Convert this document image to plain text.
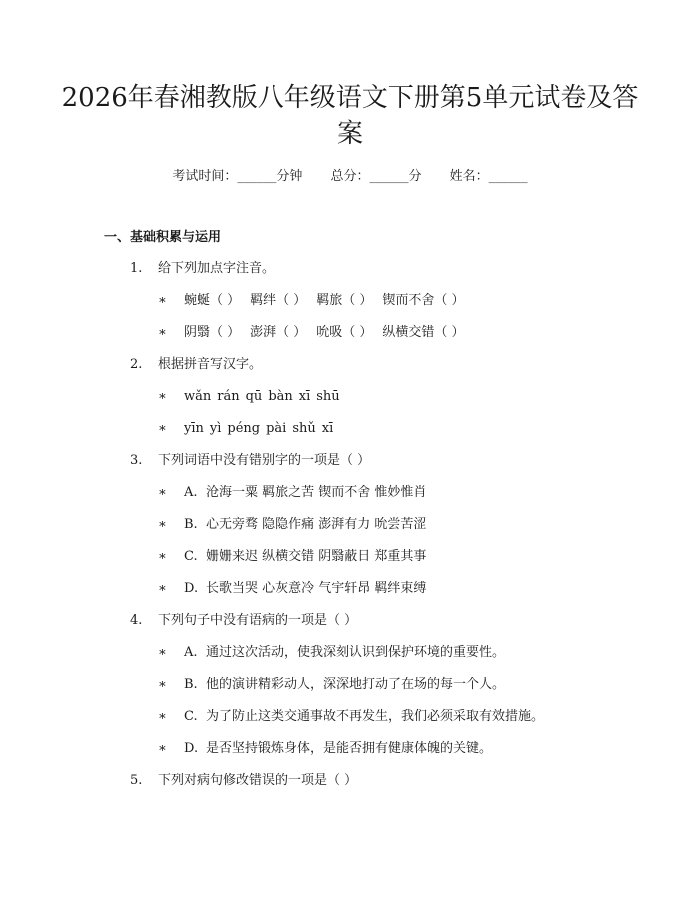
2026年春湘教版八年级语文下册第5单元试卷及答案
考试时间：______分钟 总分：______分 姓名：______
一、基础积累与运用
1. 给下列加点字注音。
∗ 蜿蜒（ ） 羁绊（ ） 羁旅（ ） 锲而不舍（ ）
∗ 阴翳（ ） 澎湃（ ） 吮吸（ ） 纵横交错（ ）
2. 根据拼音写汉字。
∗ wǎn rán qū bàn xī shū
∗ yīn yì péng pài shǔ xī
3. 下列词语中没有错别字的一项是（ ）
∗ A. 沧海一粟 羁旅之苦 锲而不舍 惟妙惟肖
∗ B. 心无旁骛 隐隐作痛 澎湃有力 吮尝苦涩
∗ C. 姗姗来迟 纵横交错 阴翳蔽日 郑重其事
∗ D. 长歌当哭 心灰意冷 气宇轩昂 羁绊束缚
4. 下列句子中没有语病的一项是（ ）
∗ A. 通过这次活动，使我深刻认识到保护环境的重要性。
∗ B. 他的演讲精彩动人，深深地打动了在场的每一个人。
∗ C. 为了防止这类交通事故不再发生，我们必须采取有效措施。
∗ D. 是否坚持锻炼身体，是能否拥有健康体魄的关键。
5. 下列对病句修改错误的一项是（ ）
